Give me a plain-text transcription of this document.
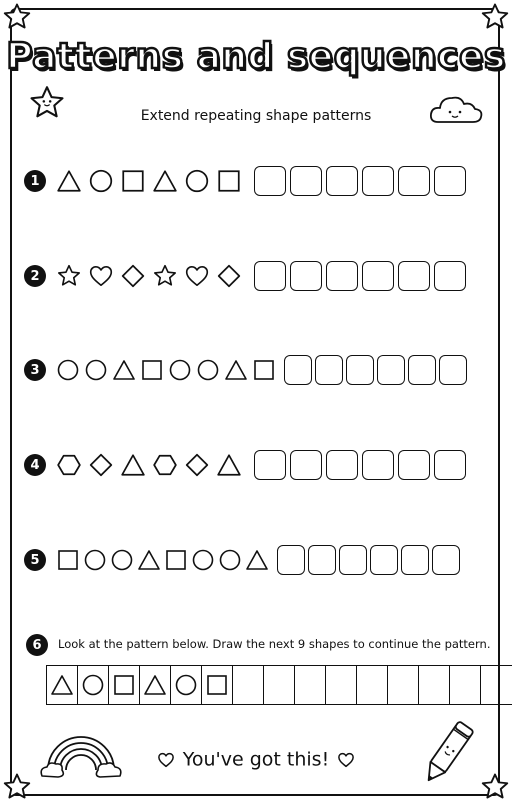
Patterns and sequences
Extend repeating shape patterns
1
2
3
4
5
6	Look at the pattern below. Draw the next 9 shapes to continue the pattern.
You've got this!
